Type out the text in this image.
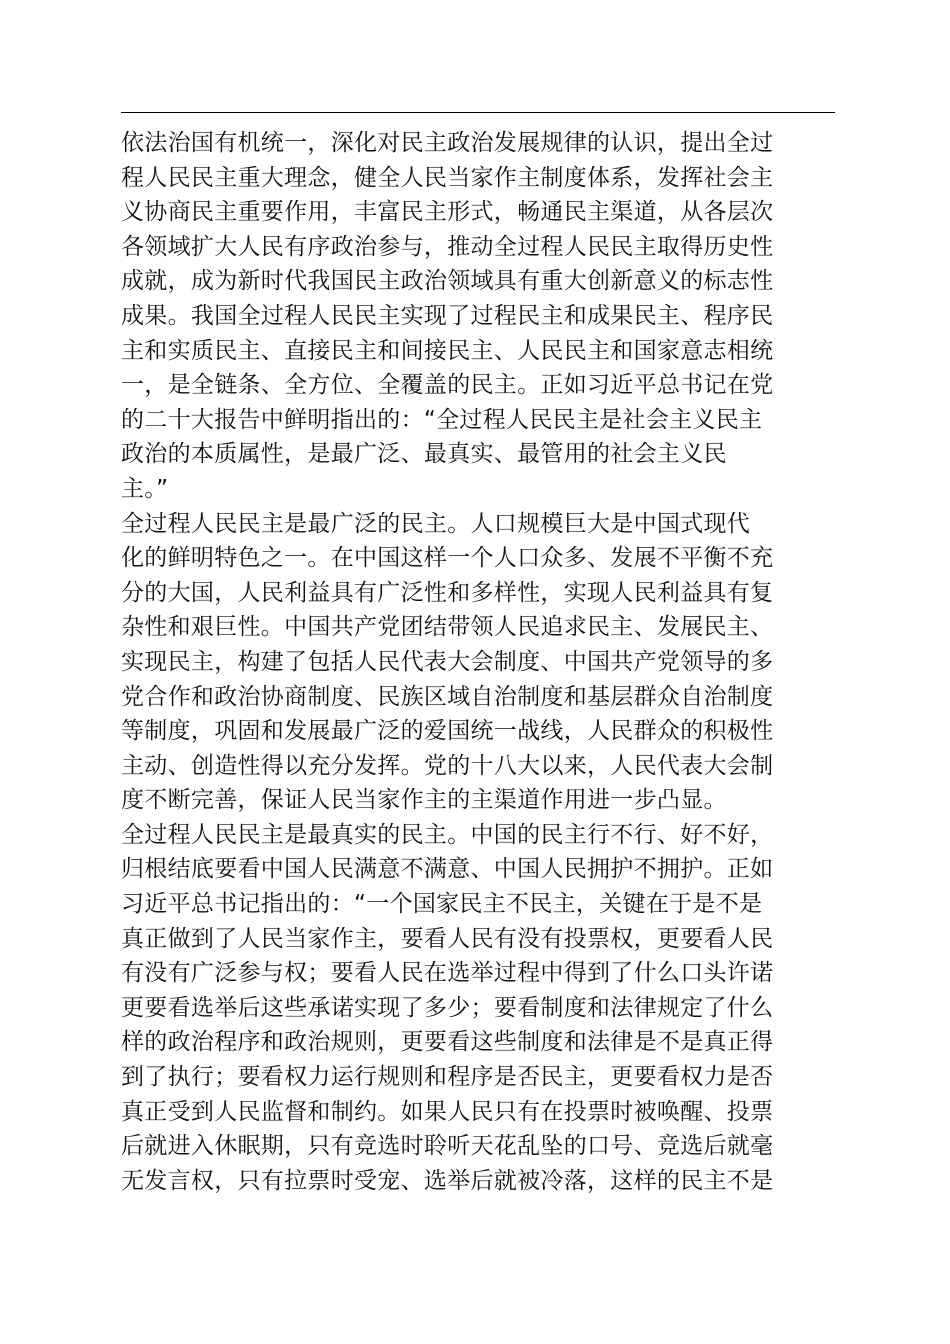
依法治国有机统一，深化对民主政治发展规律的认识，提出全过
程人民民主重大理念，健全人民当家作主制度体系，发挥社会主
义协商民主重要作用，丰富民主形式，畅通民主渠道，从各层次
各领域扩大人民有序政治参与，推动全过程人民民主取得历史性
成就，成为新时代我国民主政治领域具有重大创新意义的标志性
成果。我国全过程人民民主实现了过程民主和成果民主、程序民
主和实质民主、直接民主和间接民主、人民民主和国家意志相统
一，是全链条、全方位、全覆盖的民主。正如习近平总书记在党
的二十大报告中鲜明指出的：“全过程人民民主是社会主义民主
政治的本质属性，是最广泛、最真实、最管用的社会主义民
主。”
全过程人民民主是最广泛的民主。人口规模巨大是中国式现代
化的鲜明特色之一。在中国这样一个人口众多、发展不平衡不充
分的大国，人民利益具有广泛性和多样性，实现人民利益具有复
杂性和艰巨性。中国共产党团结带领人民追求民主、发展民主、
实现民主，构建了包括人民代表大会制度、中国共产党领导的多
党合作和政治协商制度、民族区域自治制度和基层群众自治制度
等制度，巩固和发展最广泛的爱国统一战线，人民群众的积极性
主动、创造性得以充分发挥。党的十八大以来，人民代表大会制
度不断完善，保证人民当家作主的主渠道作用进一步凸显。
全过程人民民主是最真实的民主。中国的民主行不行、好不好，
归根结底要看中国人民满意不满意、中国人民拥护不拥护。正如
习近平总书记指出的：“一个国家民主不民主，关键在于是不是
真正做到了人民当家作主，要看人民有没有投票权，更要看人民
有没有广泛参与权；要看人民在选举过程中得到了什么口头许诺
更要看选举后这些承诺实现了多少；要看制度和法律规定了什么
样的政治程序和政治规则，更要看这些制度和法律是不是真正得
到了执行；要看权力运行规则和程序是否民主，更要看权力是否
真正受到人民监督和制约。如果人民只有在投票时被唤醒、投票
后就进入休眠期，只有竞选时聆听天花乱坠的口号、竞选后就毫
无发言权，只有拉票时受宠、选举后就被冷落，这样的民主不是
